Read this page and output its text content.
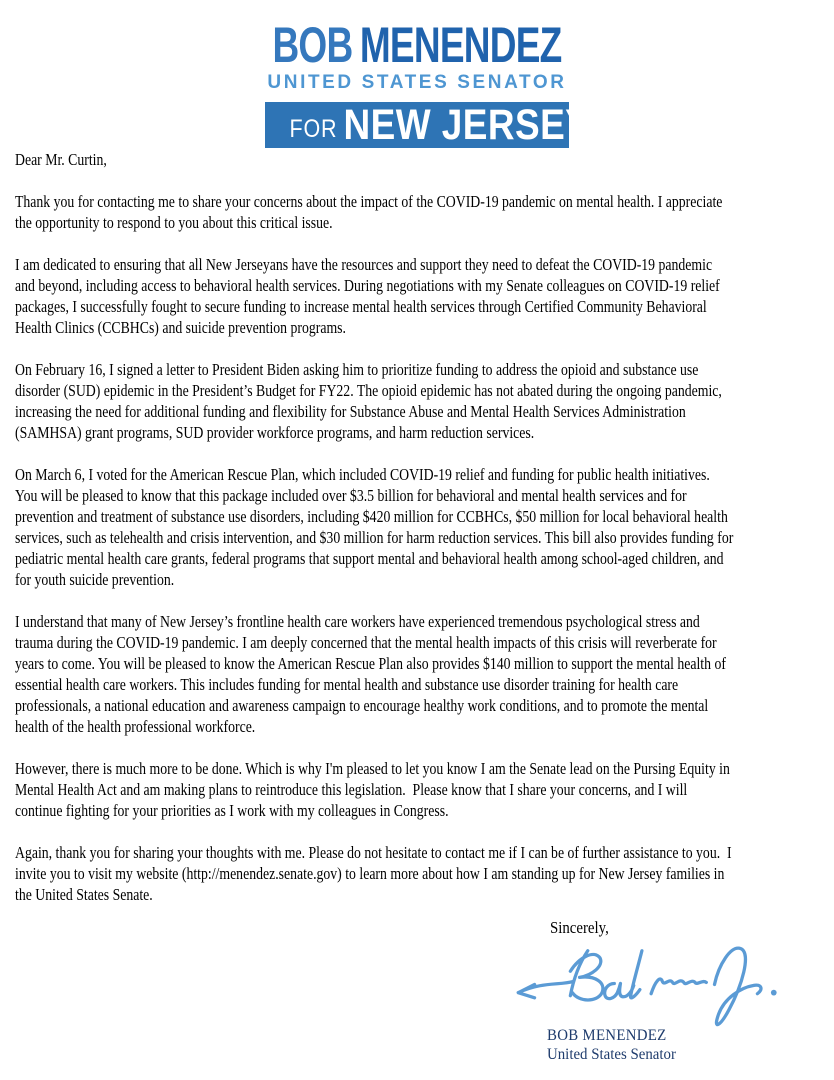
BOB MENENDEZ
UNITED STATES SENATOR
FOR NEW JERSEY
Dear Mr. Curtin,
Thank you for contacting me to share your concerns about the impact of the COVID-19 pandemic on mental health. I appreciate
the opportunity to respond to you about this critical issue.
I am dedicated to ensuring that all New Jerseyans have the resources and support they need to defeat the COVID-19 pandemic
and beyond, including access to behavioral health services. During negotiations with my Senate colleagues on COVID-19 relief
packages, I successfully fought to secure funding to increase mental health services through Certified Community Behavioral
Health Clinics (CCBHCs) and suicide prevention programs.
On February 16, I signed a letter to President Biden asking him to prioritize funding to address the opioid and substance use
disorder (SUD) epidemic in the President’s Budget for FY22. The opioid epidemic has not abated during the ongoing pandemic,
increasing the need for additional funding and flexibility for Substance Abuse and Mental Health Services Administration
(SAMHSA) grant programs, SUD provider workforce programs, and harm reduction services.
On March 6, I voted for the American Rescue Plan, which included COVID-19 relief and funding for public health initiatives.
You will be pleased to know that this package included over $3.5 billion for behavioral and mental health services and for
prevention and treatment of substance use disorders, including $420 million for CCBHCs, $50 million for local behavioral health
services, such as telehealth and crisis intervention, and $30 million for harm reduction services. This bill also provides funding for
pediatric mental health care grants, federal programs that support mental and behavioral health among school-aged children, and
for youth suicide prevention.
I understand that many of New Jersey’s frontline health care workers have experienced tremendous psychological stress and
trauma during the COVID-19 pandemic. I am deeply concerned that the mental health impacts of this crisis will reverberate for
years to come. You will be pleased to know the American Rescue Plan also provides $140 million to support the mental health of
essential health care workers. This includes funding for mental health and substance use disorder training for health care
professionals, a national education and awareness campaign to encourage healthy work conditions, and to promote the mental
health of the health professional workforce.
However, there is much more to be done. Which is why I'm pleased to let you know I am the Senate lead on the Pursing Equity in
Mental Health Act and am making plans to reintroduce this legislation.  Please know that I share your concerns, and I will
continue fighting for your priorities as I work with my colleagues in Congress.
Again, thank you for sharing your thoughts with me. Please do not hesitate to contact me if I can be of further assistance to you.  I
invite you to visit my website (http://menendez.senate.gov) to learn more about how I am standing up for New Jersey families in
the United States Senate.
Sincerely,
BOB MENENDEZ
United States Senator
